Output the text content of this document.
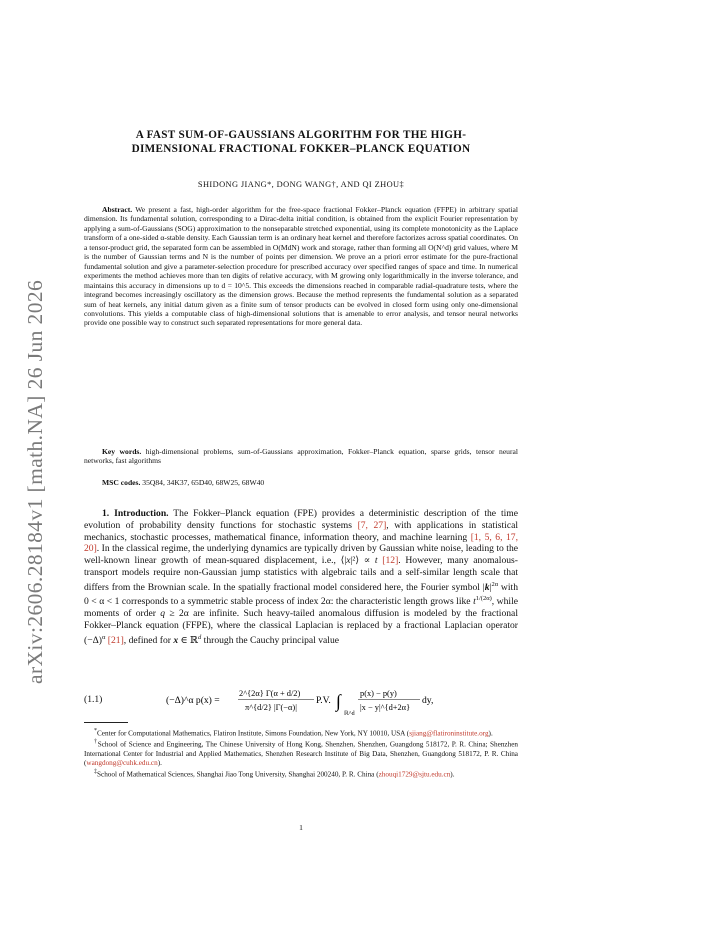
arXiv:2606.28184v1 [math.NA] 26 Jun 2026
A FAST SUM-OF-GAUSSIANS ALGORITHM FOR THE HIGH-DIMENSIONAL FRACTIONAL FOKKER–PLANCK EQUATION
SHIDONG JIANG*, DONG WANG†, AND QI ZHOU‡
Abstract. We present a fast, high-order algorithm for the free-space fractional Fokker–Planck equation (FFPE) in arbitrary spatial dimension. Its fundamental solution, corresponding to a Dirac-delta initial condition, is obtained from the explicit Fourier representation by applying a sum-of-Gaussians (SOG) approximation to the nonseparable stretched exponential, using its complete monotonicity as the Laplace transform of a one-sided α-stable density. Each Gaussian term is an ordinary heat kernel and therefore factorizes across spatial coordinates. On a tensor-product grid, the separated form can be assembled in O(MdN) work and storage, rather than forming all O(N^d) grid values, where M is the number of Gaussian terms and N is the number of points per dimension. We prove an a priori error estimate for the pure-fractional fundamental solution and give a parameter-selection procedure for prescribed accuracy over specified ranges of space and time. In numerical experiments the method achieves more than ten digits of relative accuracy, with M growing only logarithmically in the inverse tolerance, and maintains this accuracy in dimensions up to d = 10^5. This exceeds the dimensions reached in comparable radial-quadrature tests, where the integrand becomes increasingly oscillatory as the dimension grows. Because the method represents the fundamental solution as a separated sum of heat kernels, any initial datum given as a finite sum of tensor products can be evolved in closed form using only one-dimensional convolutions. This yields a computable class of high-dimensional solutions that is amenable to error analysis, and tensor neural networks provide one possible way to construct such separated representations for more general data.
Key words. high-dimensional problems, sum-of-Gaussians approximation, Fokker–Planck equation, sparse grids, tensor neural networks, fast algorithms
MSC codes. 35Q84, 34K37, 65D40, 68W25, 68W40
1. Introduction. The Fokker–Planck equation (FPE) provides a deterministic description of the time evolution of probability density functions for stochastic systems [7, 27], with applications in statistical mechanics, stochastic processes, mathematical finance, information theory, and machine learning [1, 5, 6, 17, 20]. In the classical regime, the underlying dynamics are typically driven by Gaussian white noise, leading to the well-known linear growth of mean-squared displacement, i.e., ⟨|x|²⟩ ∝ t [12]. However, many anomalous-transport models require non-Gaussian jump statistics with algebraic tails and a self-similar length scale that differs from the Brownian scale. In the spatially fractional model considered here, the Fourier symbol $|k|^{2\alpha}$ with 0 < α < 1 corresponds to a symmetric stable process of index 2α: the characteristic length grows like $t^{1/(2\alpha)}$, while moments of order q ≥ 2α are infinite. Such heavy-tailed anomalous diffusion is modeled by the fractional Fokker–Planck equation (FFPE), where the classical Laplacian is replaced by a fractional Laplacian operator $(-\Delta)^\alpha$ [21], defined for x ∈ ℝ$^d$ through the Cauchy principal value
(1.1)	(−Δ)^α p(x) =
2^{2α} Γ(α + d/2)
π^{d/2} |Γ(−α)|
P.V. ∫
ℝ^d
p(x) − p(y)
|x − y|^{d+2α}
dy,

*Center for Computational Mathematics, Flatiron Institute, Simons Foundation, New York, NY 10010, USA (sjiang@flatironinstitute.org).

†School of Science and Engineering, The Chinese University of Hong Kong, Shenzhen, Shenzhen, Guangdong 518172, P. R. China; Shenzhen International Center for Industrial and Applied Mathematics, Shenzhen Research Institute of Big Data, Shenzhen, Guangdong 518172, P. R. China (wangdong@cuhk.edu.cn).

‡School of Mathematical Sciences, Shanghai Jiao Tong University, Shanghai 200240, P. R. China (zhouqi1729@sjtu.edu.cn).

1
